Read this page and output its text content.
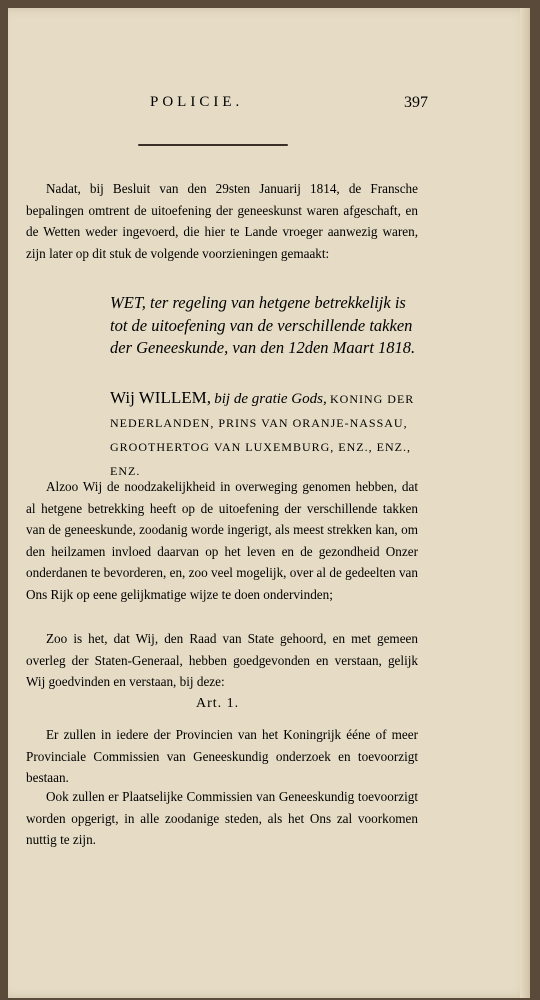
POLICIE.	397

Nadat, bij Besluit van den 29sten Januarij 1814, de Fransche bepalingen omtrent de uitoefening der geneeskunst waren afgeschaft, en de Wetten weder ingevoerd, die hier te Lande vroeger aanwezig waren, zijn later op dit stuk de volgende voorzieningen gemaakt:

WET, ter regeling van hetgene betrekkelijk is tot de uitoefening van de verschillende takken der Geneeskunde, van den 12den Maart 1818.

Wij WILLEM, bij de gratie Gods, KONING DER NEDERLANDEN, PRINS VAN ORANJE-NASSAU, GROOTHERTOG VAN LUXEMBURG, ENZ., ENZ., ENZ.

Alzoo Wij de noodzakelijkheid in overweging genomen hebben, dat al hetgene betrekking heeft op de uitoefening der verschillende takken van de geneeskunde, zoodanig worde ingerigt, als meest strekken kan, om den heilzamen invloed daarvan op het leven en de gezondheid Onzer onderdanen te bevorderen, en, zoo veel mogelijk, over al de gedeelten van Ons Rijk op eene gelijkmatige wijze te doen ondervinden;

Zoo is het, dat Wij, den Raad van State gehoord, en met gemeen overleg der Staten-Generaal, hebben goedgevonden en verstaan, gelijk Wij goedvinden en verstaan, bij deze:

Art. 1.

Er zullen in iedere der Provincien van het Koningrijk ééne of meer Provinciale Commissien van Geneeskundig onderzoek en toevoorzigt bestaan.

Ook zullen er Plaatselijke Commissien van Geneeskundig toevoorzigt worden opgerigt, in alle zoodanige steden, als het Ons zal voorkomen nuttig te zijn.
